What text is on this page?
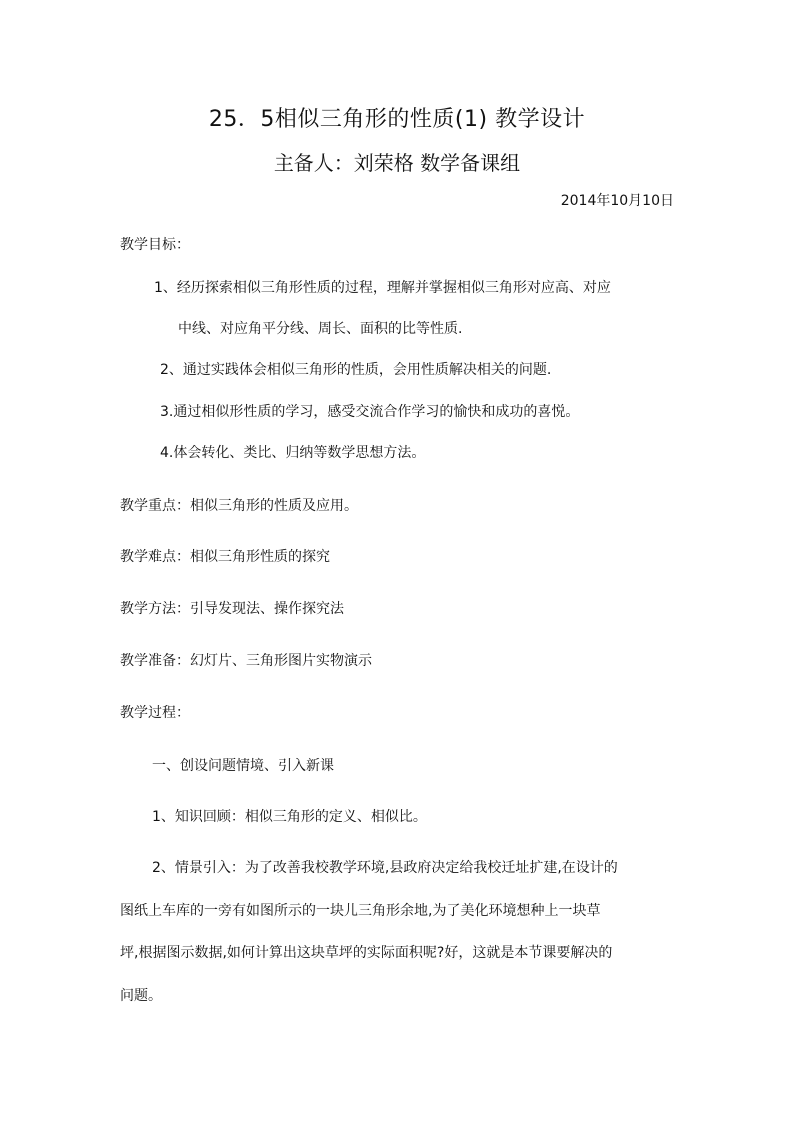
25．5相似三角形的性质(1) 教学设计
主备人：刘荣格 数学备课组
2014年10月10日
教学目标：
1、经历探索相似三角形性质的过程，理解并掌握相似三角形对应高、对应
中线、对应角平分线、周长、面积的比等性质.
2、通过实践体会相似三角形的性质，会用性质解决相关的问题.
3.通过相似形性质的学习，感受交流合作学习的愉快和成功的喜悦。
4.体会转化、类比、归纳等数学思想方法。
教学重点：相似三角形的性质及应用。
教学难点：相似三角形性质的探究
教学方法：引导发现法、操作探究法
教学准备：幻灯片、三角形图片实物演示
教学过程：
一、创设问题情境、引入新课
1、知识回顾：相似三角形的定义、相似比。
2、情景引入：为了改善我校教学环境,县政府决定给我校迁址扩建,在设计的
图纸上车库的一旁有如图所示的一块儿三角形余地,为了美化环境想种上一块草
坪,根据图示数据,如何计算出这块草坪的实际面积呢?好，这就是本节课要解决的
问题。
